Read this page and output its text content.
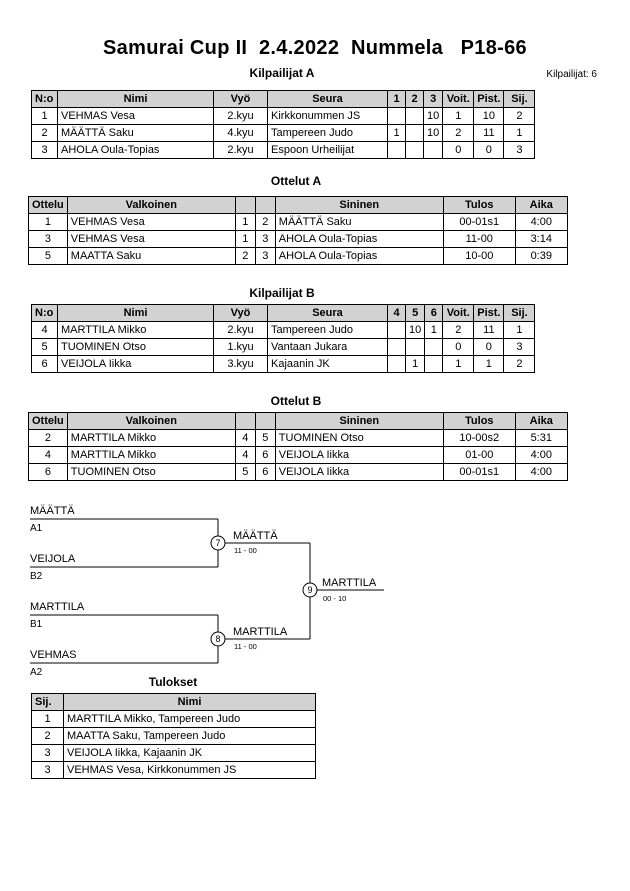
Samurai Cup II  2.4.2022  Nummela   P18-66
Kilpailijat: 6
Kilpailijat A
N:o	Nimi	Vyö	Seura	1	2	3	Voit.	Pist.	Sij.
1	VEHMAS Vesa	2.kyu	Kirkkonummen JS			10	1	10	2
2	MÄÄTTÄ Saku	4.kyu	Tampereen Judo	1		10	2	11	1
3	AHOLA Oula-Topias	2.kyu	Espoon Urheilijat				0	0	3
Ottelut A
Ottelu	Valkoinen			Sininen	Tulos	Aika
1	VEHMAS Vesa	1	2	MÄÄTTÄ Saku	00-01s1	4:00
3	VEHMAS Vesa	1	3	AHOLA Oula-Topias	11-00	3:14
5	MAATTA Saku	2	3	AHOLA Oula-Topias	10-00	0:39
Kilpailijat B
N:o	Nimi	Vyö	Seura	4	5	6	Voit.	Pist.	Sij.
4	MARTTILA Mikko	2.kyu	Tampereen Judo		10	1	2	11	1
5	TUOMINEN Otso	1.kyu	Vantaan Jukara				0	0	3
6	VEIJOLA Iikka	3.kyu	Kajaanin JK		1		1	1	2
Ottelut B
Ottelu	Valkoinen			Sininen	Tulos	Aika
2	MARTTILA Mikko	4	5	TUOMINEN Otso	10-00s2	5:31
4	MARTTILA Mikko	4	6	VEIJOLA Iikka	01-00	4:00
6	TUOMINEN Otso	5	6	VEIJOLA Iikka	00-01s1	4:00
MÄÄTTÄ
A1
VEIJOLA
B2
7
MÄÄTTÄ
11 - 00
MARTTILA
B1
VEHMAS
A2
8
MARTTILA
11 - 00
9
MARTTILA
00 - 10
Tulokset
Sij.	Nimi
1	MARTTILA Mikko, Tampereen Judo
2	MAATTA Saku, Tampereen Judo
3	VEIJOLA Iikka, Kajaanin JK
3	VEHMAS Vesa, Kirkkonummen JS
